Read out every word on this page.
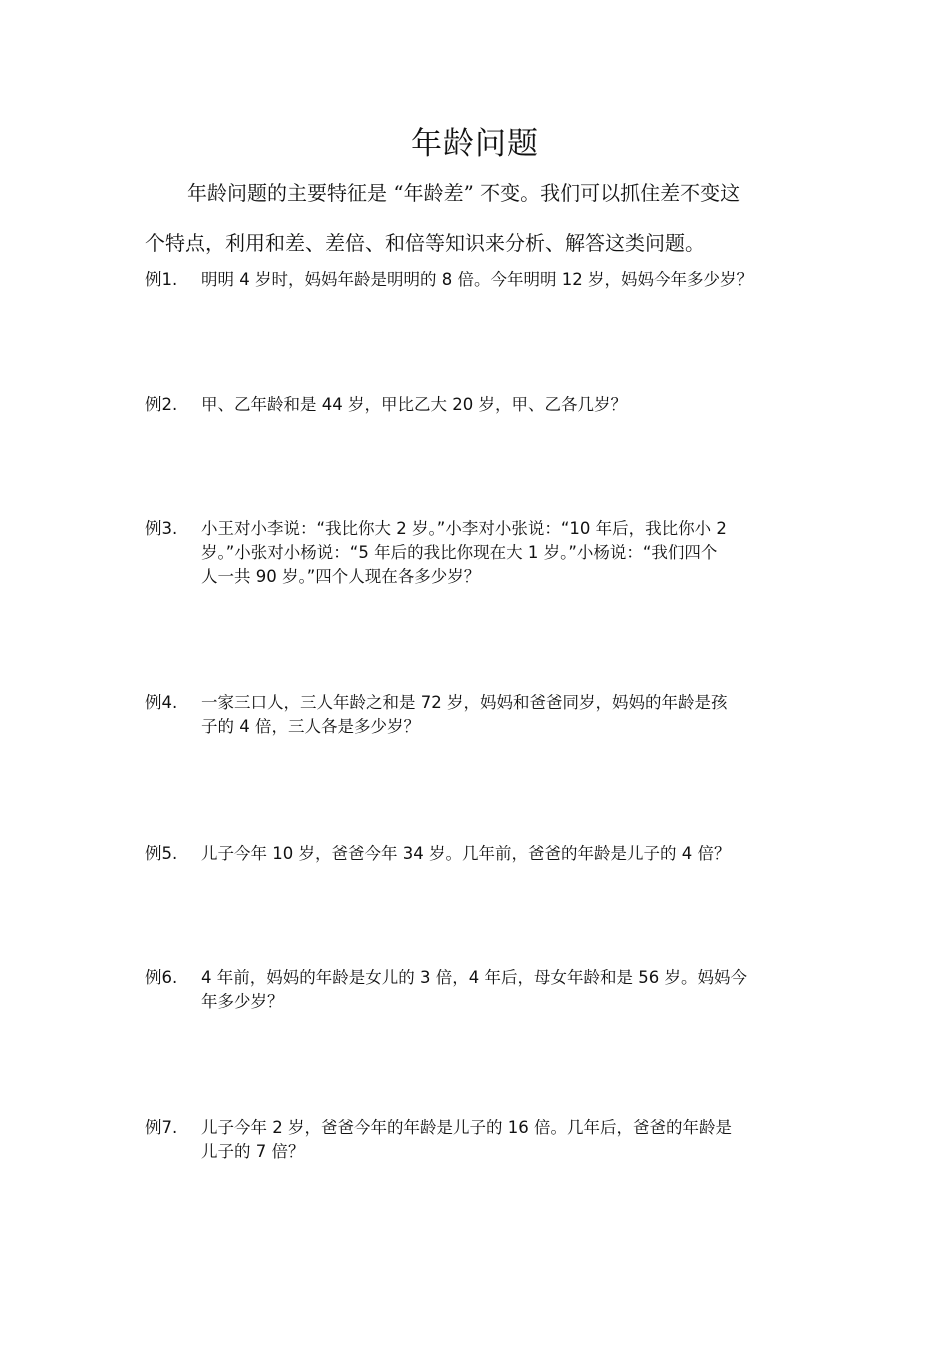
年龄问题
年龄问题的主要特征是 “年龄差” 不变。我们可以抓住差不变这
个特点，利用和差、差倍、和倍等知识来分析、解答这类问题。
例1. 明明 4 岁时，妈妈年龄是明明的 8 倍。今年明明 12 岁，妈妈今年多少岁？
例2. 甲、乙年龄和是 44 岁，甲比乙大 20 岁，甲、乙各几岁？
例3. 小王对小李说：“我比你大 2 岁。”小李对小张说：“10 年后，我比你小 2
岁。”小张对小杨说：“5 年后的我比你现在大 1 岁。”小杨说：“我们四个
人一共 90 岁。”四个人现在各多少岁？
例4. 一家三口人，三人年龄之和是 72 岁，妈妈和爸爸同岁，妈妈的年龄是孩
子的 4 倍，三人各是多少岁？
例5. 儿子今年 10 岁，爸爸今年 34 岁。几年前，爸爸的年龄是儿子的 4 倍？
例6. 4 年前，妈妈的年龄是女儿的 3 倍，4 年后，母女年龄和是 56 岁。妈妈今
年多少岁？
例7. 儿子今年 2 岁，爸爸今年的年龄是儿子的 16 倍。几年后，爸爸的年龄是
儿子的 7 倍？
